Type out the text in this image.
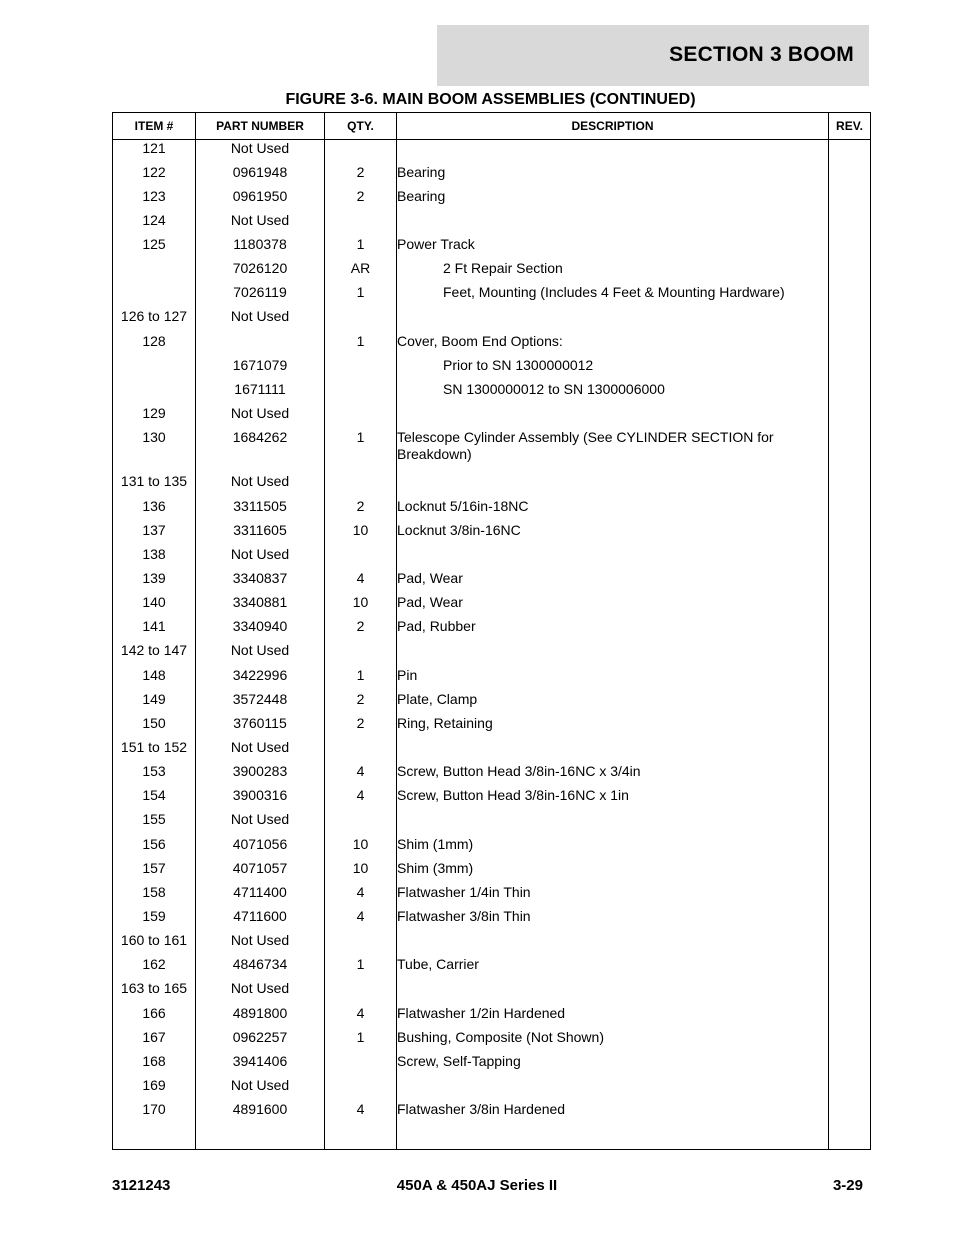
SECTION 3 BOOM
FIGURE 3-6. MAIN BOOM ASSEMBLIES (CONTINUED)
ITEM #	PART NUMBER	QTY.	DESCRIPTION	REV.
121	Not Used			
122	0961948	2	Bearing	
123	0961950	2	Bearing	
124	Not Used			
125	1180378	1	Power Track	
	7026120	AR	2 Ft Repair Section	
	7026119	1	Feet, Mounting (Includes 4 Feet & Mounting Hardware)	
126 to 127	Not Used			
128		1	Cover, Boom End Options:	
	1671079		Prior to SN 1300000012	
	1671111		SN 1300000012 to SN 1300006000	
129	Not Used			
130	1684262	1	Telescope Cylinder Assembly (See CYLINDER SECTION for Breakdown)	
131 to 135	Not Used			
136	3311505	2	Locknut 5/16in-18NC	
137	3311605	10	Locknut 3/8in-16NC	
138	Not Used			
139	3340837	4	Pad, Wear	
140	3340881	10	Pad, Wear	
141	3340940	2	Pad, Rubber	
142 to 147	Not Used			
148	3422996	1	Pin	
149	3572448	2	Plate, Clamp	
150	3760115	2	Ring, Retaining	
151 to 152	Not Used			
153	3900283	4	Screw, Button Head 3/8in-16NC x 3/4in	
154	3900316	4	Screw, Button Head 3/8in-16NC x 1in	
155	Not Used			
156	4071056	10	Shim (1mm)	
157	4071057	10	Shim (3mm)	
158	4711400	4	Flatwasher 1/4in Thin	
159	4711600	4	Flatwasher 3/8in Thin	
160 to 161	Not Used			
162	4846734	1	Tube, Carrier	
163 to 165	Not Used			
166	4891800	4	Flatwasher 1/2in Hardened	
167	0962257	1	Bushing, Composite (Not Shown)	
168	3941406		Screw, Self-Tapping	
169	Not Used			
170	4891600	4	Flatwasher 3/8in Hardened	

3121243	450A & 450AJ Series II	3-29
